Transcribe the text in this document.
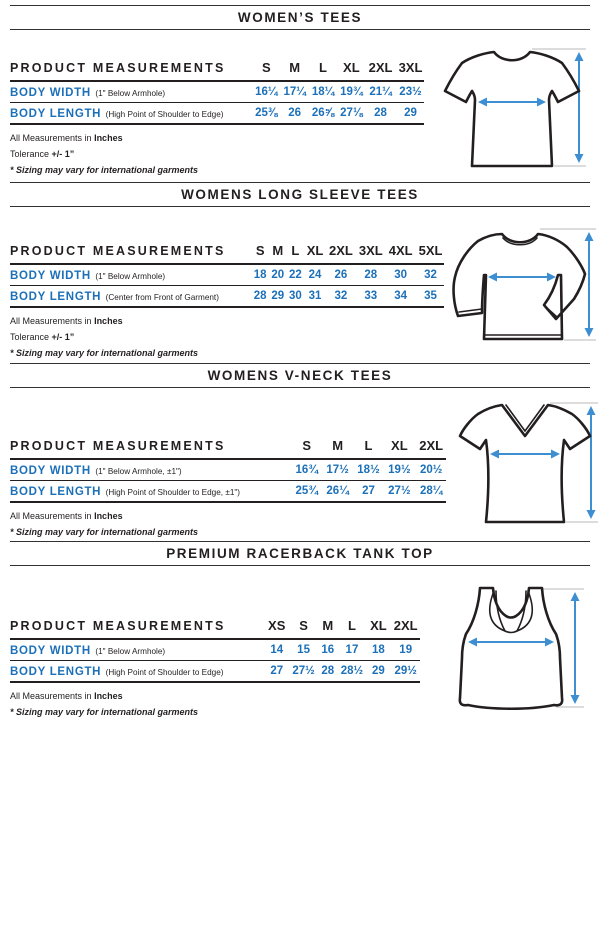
WOMEN’S TEES
PRODUCT MEASUREMENTS	S	M	L	XL	2XL	3XL
BODY WIDTH (1" Below Armhole)	16¼	17¼	18¼	19¾	21¼	23½
BODY LENGTH (High Point of Shoulder to Edge)	25⅜	26	26⅝	27⅛	28	29

All Measurements in Inches

Tolerance +/- 1”

* Sizing may vary for international garments

WOMENS LONG SLEEVE TEES
PRODUCT MEASUREMENTS	S	M	L	XL	2XL	3XL	4XL	5XL
BODY WIDTH (1" Below Armhole)	18	20	22	24	26	28	30	32
BODY LENGTH (Center from Front of Garment)	28	29	30	31	32	33	34	35

All Measurements in Inches

Tolerance +/- 1”

* Sizing may vary for international garments

WOMENS V-NECK TEES
PRODUCT MEASUREMENTS	S	M	L	XL	2XL
BODY WIDTH (1" Below Armhole, ±1")	16¾	17½	18½	19½	20½
BODY LENGTH (High Point of Shoulder to Edge, ±1")	25¾	26¼	27	27½	28¼

All Measurements in Inches

* Sizing may vary for international garments

PREMIUM RACERBACK TANK TOP
PRODUCT MEASUREMENTS	XS	S	M	L	XL	2XL
BODY WIDTH (1" Below Armhole)	14	15	16	17	18	19
BODY LENGTH (High Point of Shoulder to Edge)	27	27½	28	28½	29	29½

All Measurements in Inches

* Sizing may vary for international garments
